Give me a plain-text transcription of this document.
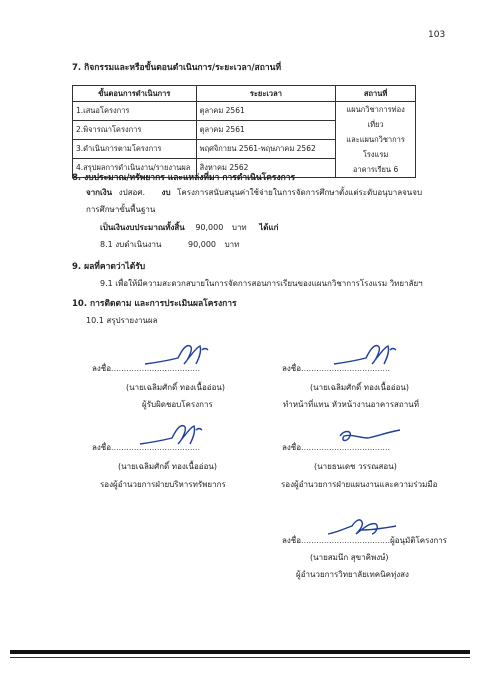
103
7. กิจกรรมและหรือขั้นตอนดำเนินการ/ระยะเวลา/สถานที่
ขั้นตอนการดำเนินการ	ระยะเวลา	สถานที่
1.เสนอโครงการ	ตุลาคม 2561	แผนกวิชาการท่องเที่ยว
และแผนกวิชาการโรงแรม
อาคารเรียน 6

2.พิจารณาโครงการ	ตุลาคม 2561	
3.ดำเนินการตามโครงการ	พฤศจิกายน 2561-พฤษภาคม 2562	
4.สรุปผลการดำเนินงาน/รายงานผล	สิงหาคม 2562	
8. งบประมาณ/ทรัพยากร และแหล่งที่มา การดำเนินโครงการ
จากเงิน งปสอศ. งบ โครงการสนับสนุนค่าใช้จ่ายในการจัดการศึกษาตั้งแต่ระดับอนุบาลจนจบ
การศึกษาขั้นพื้นฐาน
เป็นเงินงบประมาณทั้งสิ้น 90,000 บาท ได้แก่
8.1 งบดำเนินงาน	90,000 บาท
9. ผลที่คาดว่าได้รับ
9.1 เพื่อให้มีความสะดวกสบายในการจัดการสอนการเรียนของแผนกวิชาการโรงแรม วิทยาลัยฯ
10. การติดตาม และการประเมินผลโครงการ
10.1 สรุปรายงานผล
ลงชื่อ...................................
(นายเฉลิมศักดิ์ ทองเนื้ออ่อน)
ผู้รับผิดชอบโครงการ
ลงชื่อ...................................
(นายเฉลิมศักดิ์ ทองเนื้ออ่อน)
ทำหน้าที่แทน หัวหน้างานอาคารสถานที่
ลงชื่อ...................................
(นายเฉลิมศักดิ์ ทองเนื้ออ่อน)
รองผู้อำนวยการฝ่ายบริหารทรัพยากร
ลงชื่อ...................................
(นายธนเดช วรรณสอน)
รองผู้อำนวยการฝ่ายแผนงานและความร่วมมือ
ลงชื่อ...................................ผู้อนุมัติโครงการ
(นายสมนึก สุขาคิพงษ์)
ผู้อำนวยการวิทยาลัยเทคนิคทุ่งสง
